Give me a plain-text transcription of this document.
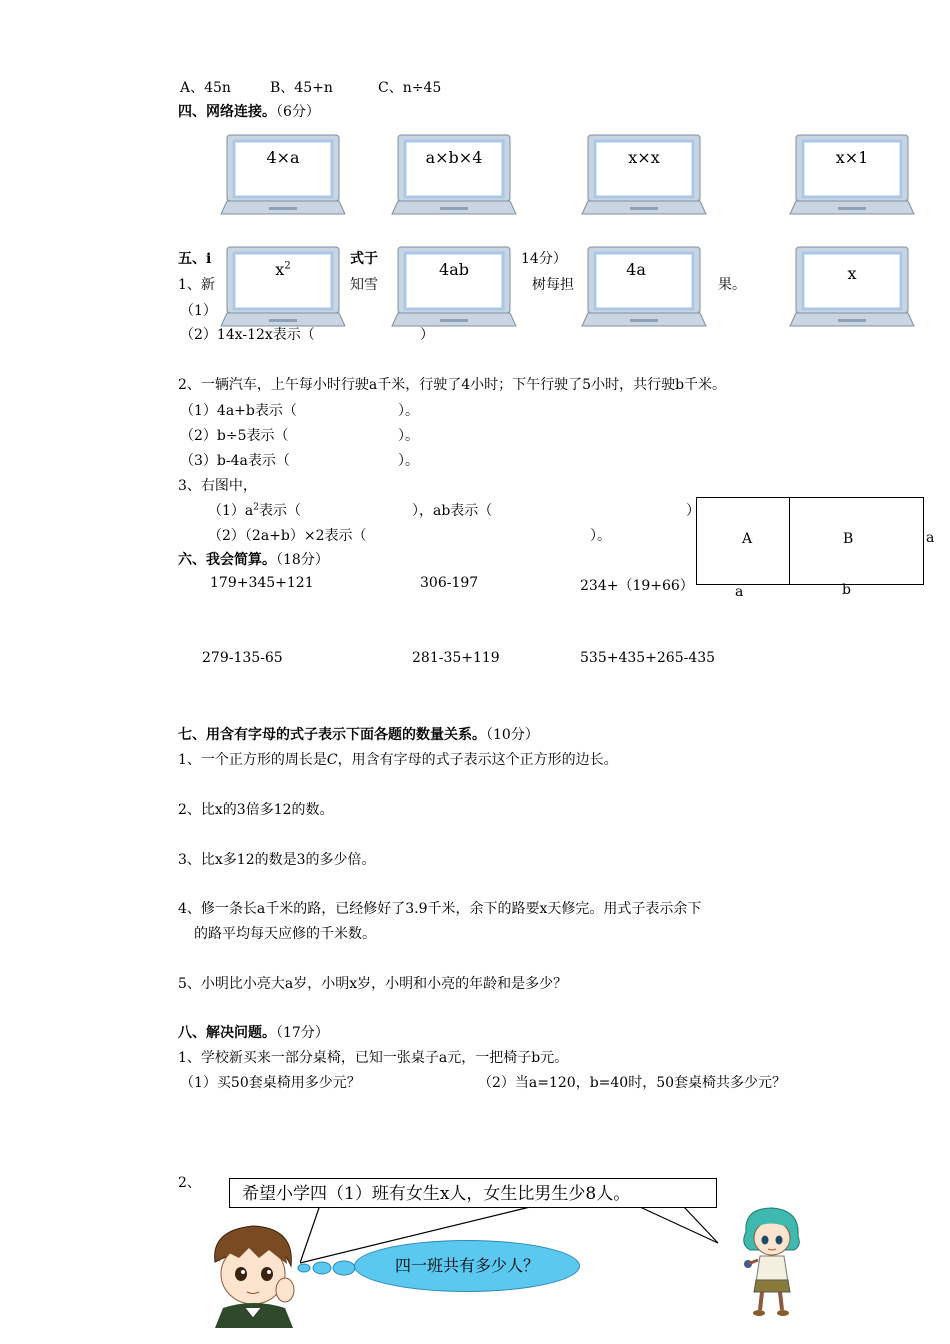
A、45n	B、45+n	C、n÷45
四、网络连接。（6分）
4×a	a×b×4	x×x	x×1
五、i	式于	14分）
1、新	知雪	树每担	果。
（1）
（2）14x-12x表示（	）
$x^2$	4ab	4a	x
2、一辆汽车，上午每小时行驶a千米，行驶了4小时；下午行驶了5小时，共行驶b千米。
（1）4a+b表示（	）。
（2）b÷5表示（	）。
（3）b-4a表示（	）。
3、右图中，
$(1)a^2$表示（	），ab表示（	）
（2）（2a+b）×2表示（	）。	A	B	a
a	b
六、我会简算。（18分）
179+345+121	306-197	234+（19+66）
279-135-65	281-35+119	535+435+265-435
七、用含有字母的式子表示下面各题的数量关系。（10分）
1、一个正方形的周长是C，用含有字母的式子表示这个正方形的边长。
2、比x的3倍多12的数。
3、比x多12的数是3的多少倍。
4、修一条长a千米的路，已经修好了3.9千米，余下的路要x天修完。用式子表示余下
的路平均每天应修的千米数。
5、小明比小亮大a岁，小明x岁，小明和小亮的年龄和是多少？
八、解决问题。（17分）
1、学校新买来一部分桌椅，已知一张桌子a元，一把椅子b元。
（1）买50套桌椅用多少元？	（2）当a=120，b=40时，50套桌椅共多少元？
2、
希望小学四（1）班有女生x人，女生比男生少8人。
四一班共有多少人？
